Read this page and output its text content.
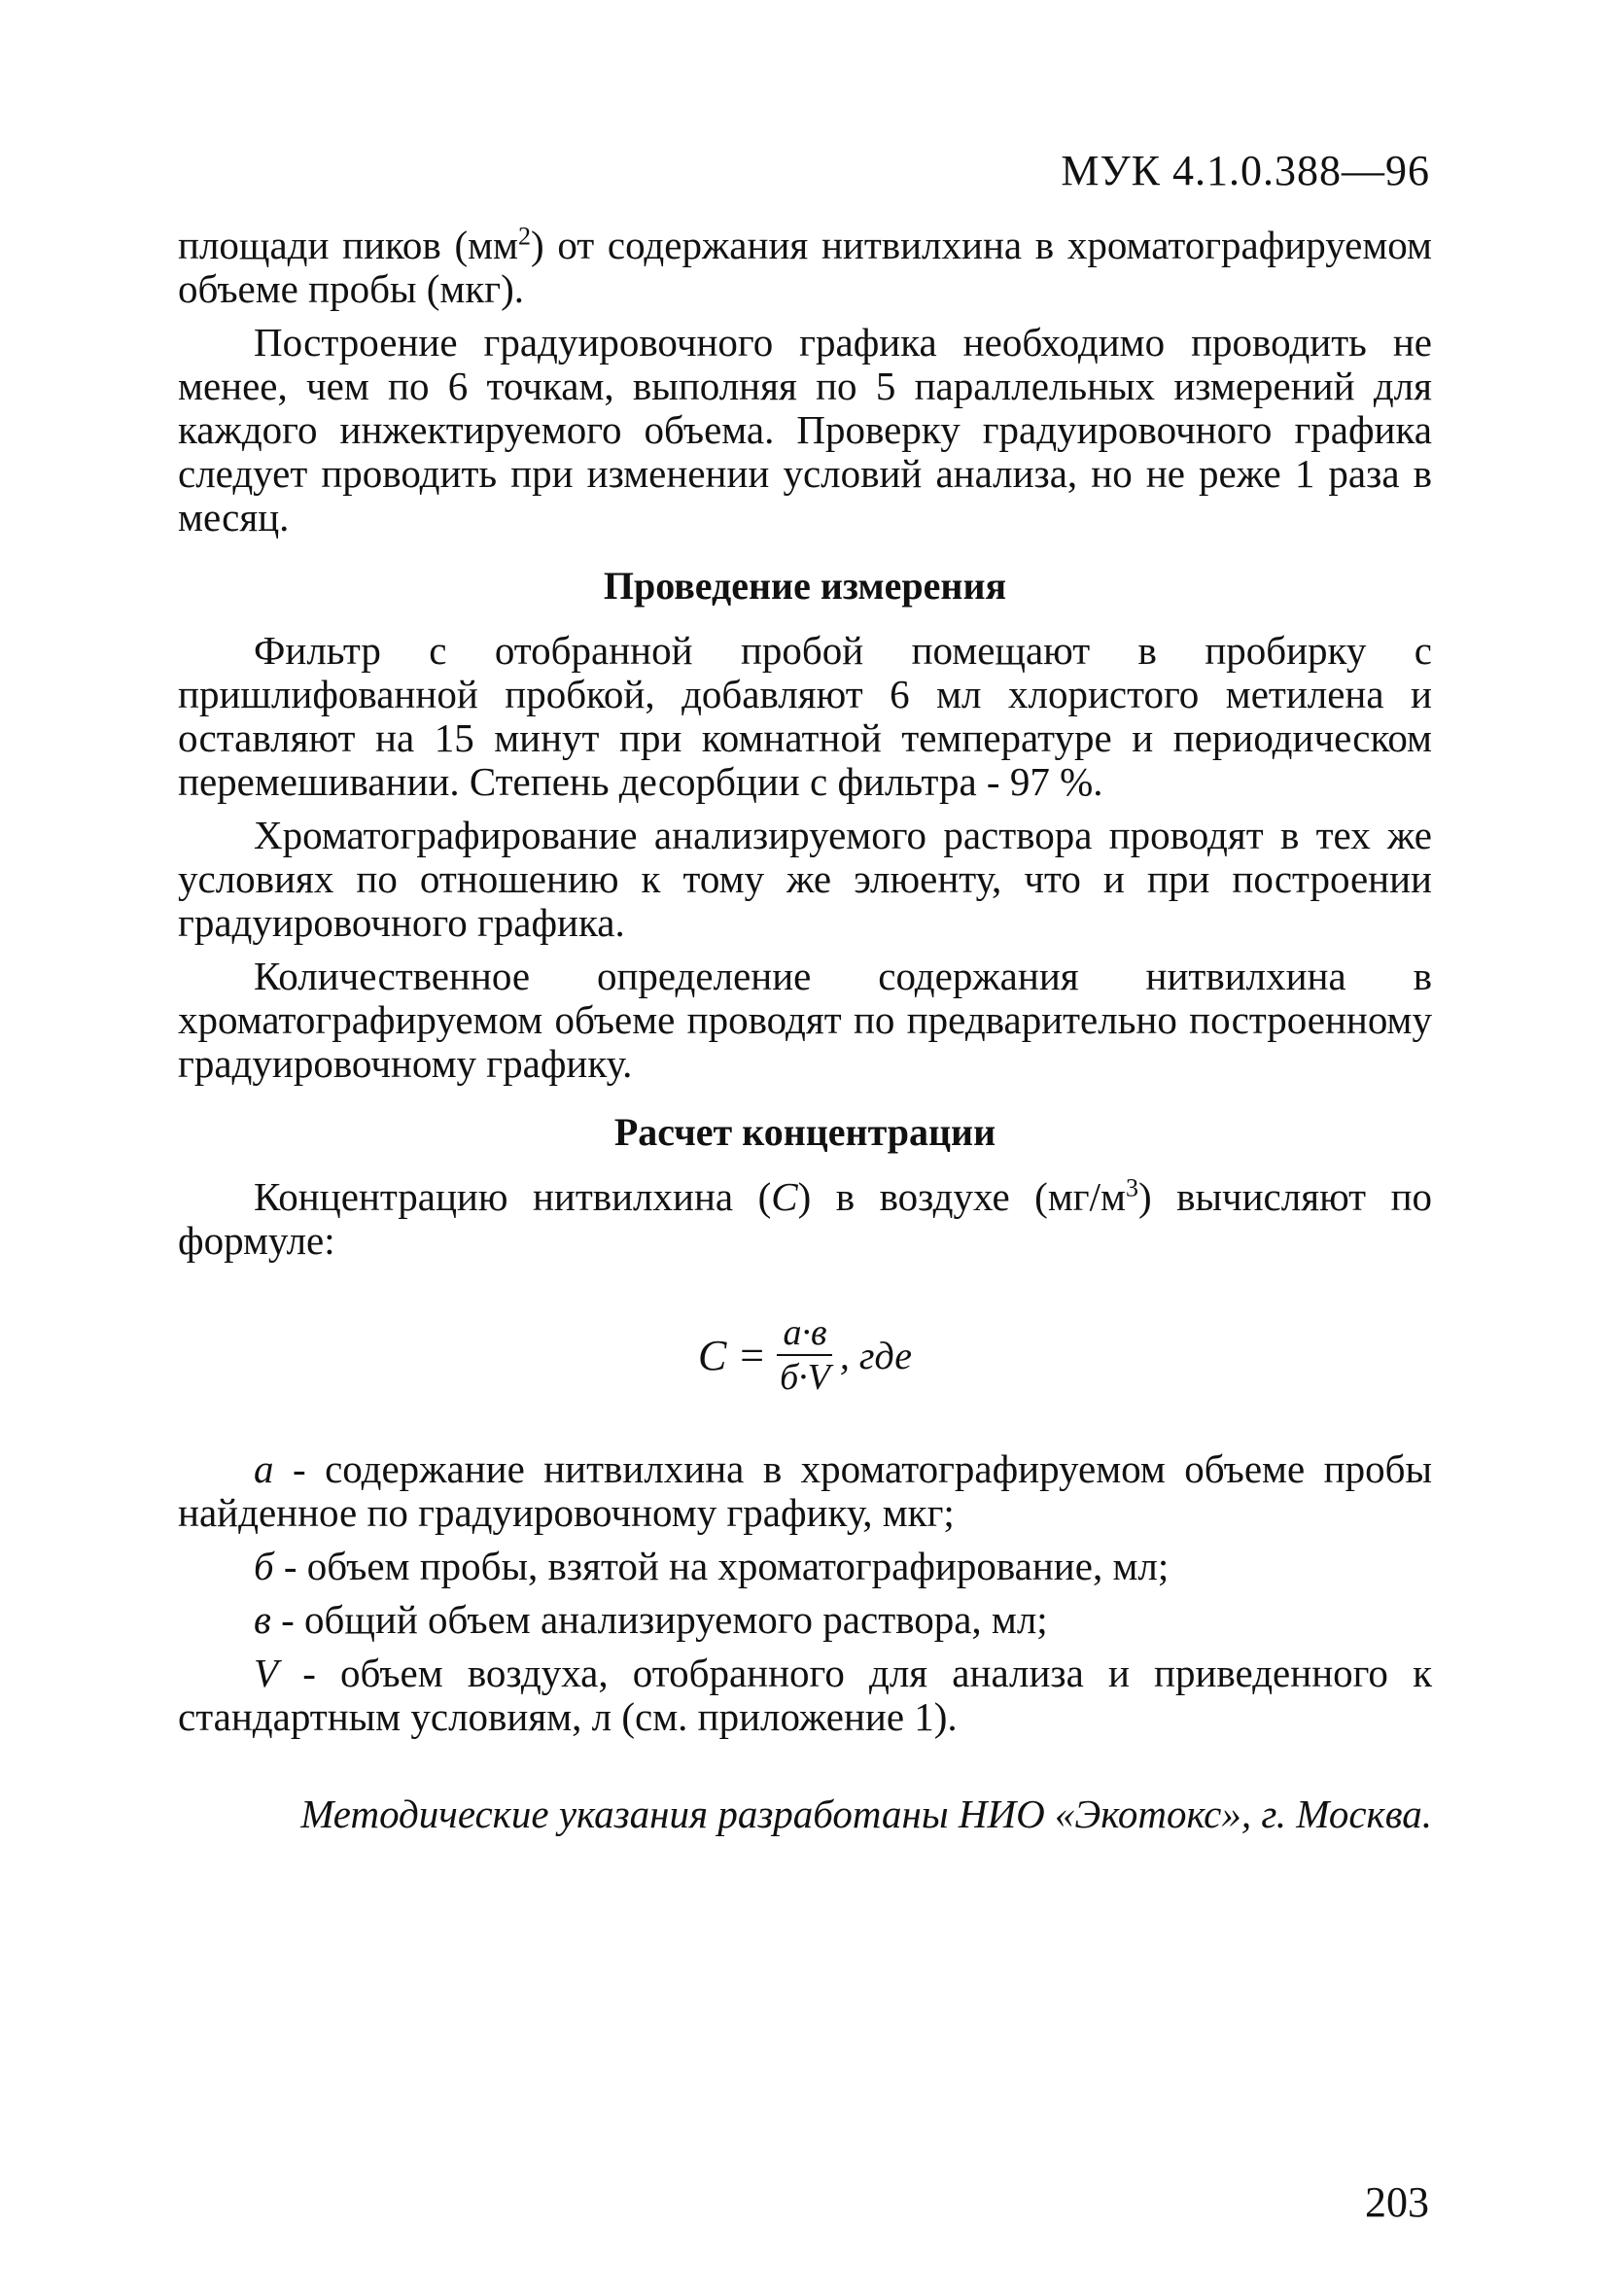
МУК 4.1.0.388—96

площади пиков $(мм^2)$ от содержания нитвилхина в хроматографируемом объеме пробы (мкг).

Построение градуировочного графика необходимо проводить не менее, чем по 6 точкам, выполняя по 5 параллельных измерений для каждого инжектируемого объема. Проверку градуировочного графика следует проводить при изменении условий анализа, но не реже 1 раза в месяц.

Проведение измерения

Фильтр с отобранной пробой помещают в пробирку с пришлифованной пробкой, добавляют 6 мл хлористого метилена и оставляют на 15 минут при комнатной температуре и периодическом перемешивании. Степень десорбции с фильтра - 97 %.

Хроматографирование анализируемого раствора проводят в тех же условиях по отношению к тому же элюенту, что и при построении градуировочного графика.

Количественное определение содержания нитвилхина в хроматографируемом объеме проводят по предварительно построенному градуировочному графику.

Расчет концентрации

Концентрацию нитвилхина (С) в воздухе $(мг/м^3)$ вычисляют по формуле:

$С = \frac{а\cdot в}{б\cdot V}$ , где

а - содержание нитвилхина в хроматографируемом объеме пробы найденное по градуировочному графику, мкг;

б - объем пробы, взятой на хроматографирование, мл;

в - общий объем анализируемого раствора, мл;

V - объем воздуха, отобранного для анализа и приведенного к стандартным условиям, л (см. приложение 1).

Методические указания разработаны НИО «Экотокс», г. Москва.
203
